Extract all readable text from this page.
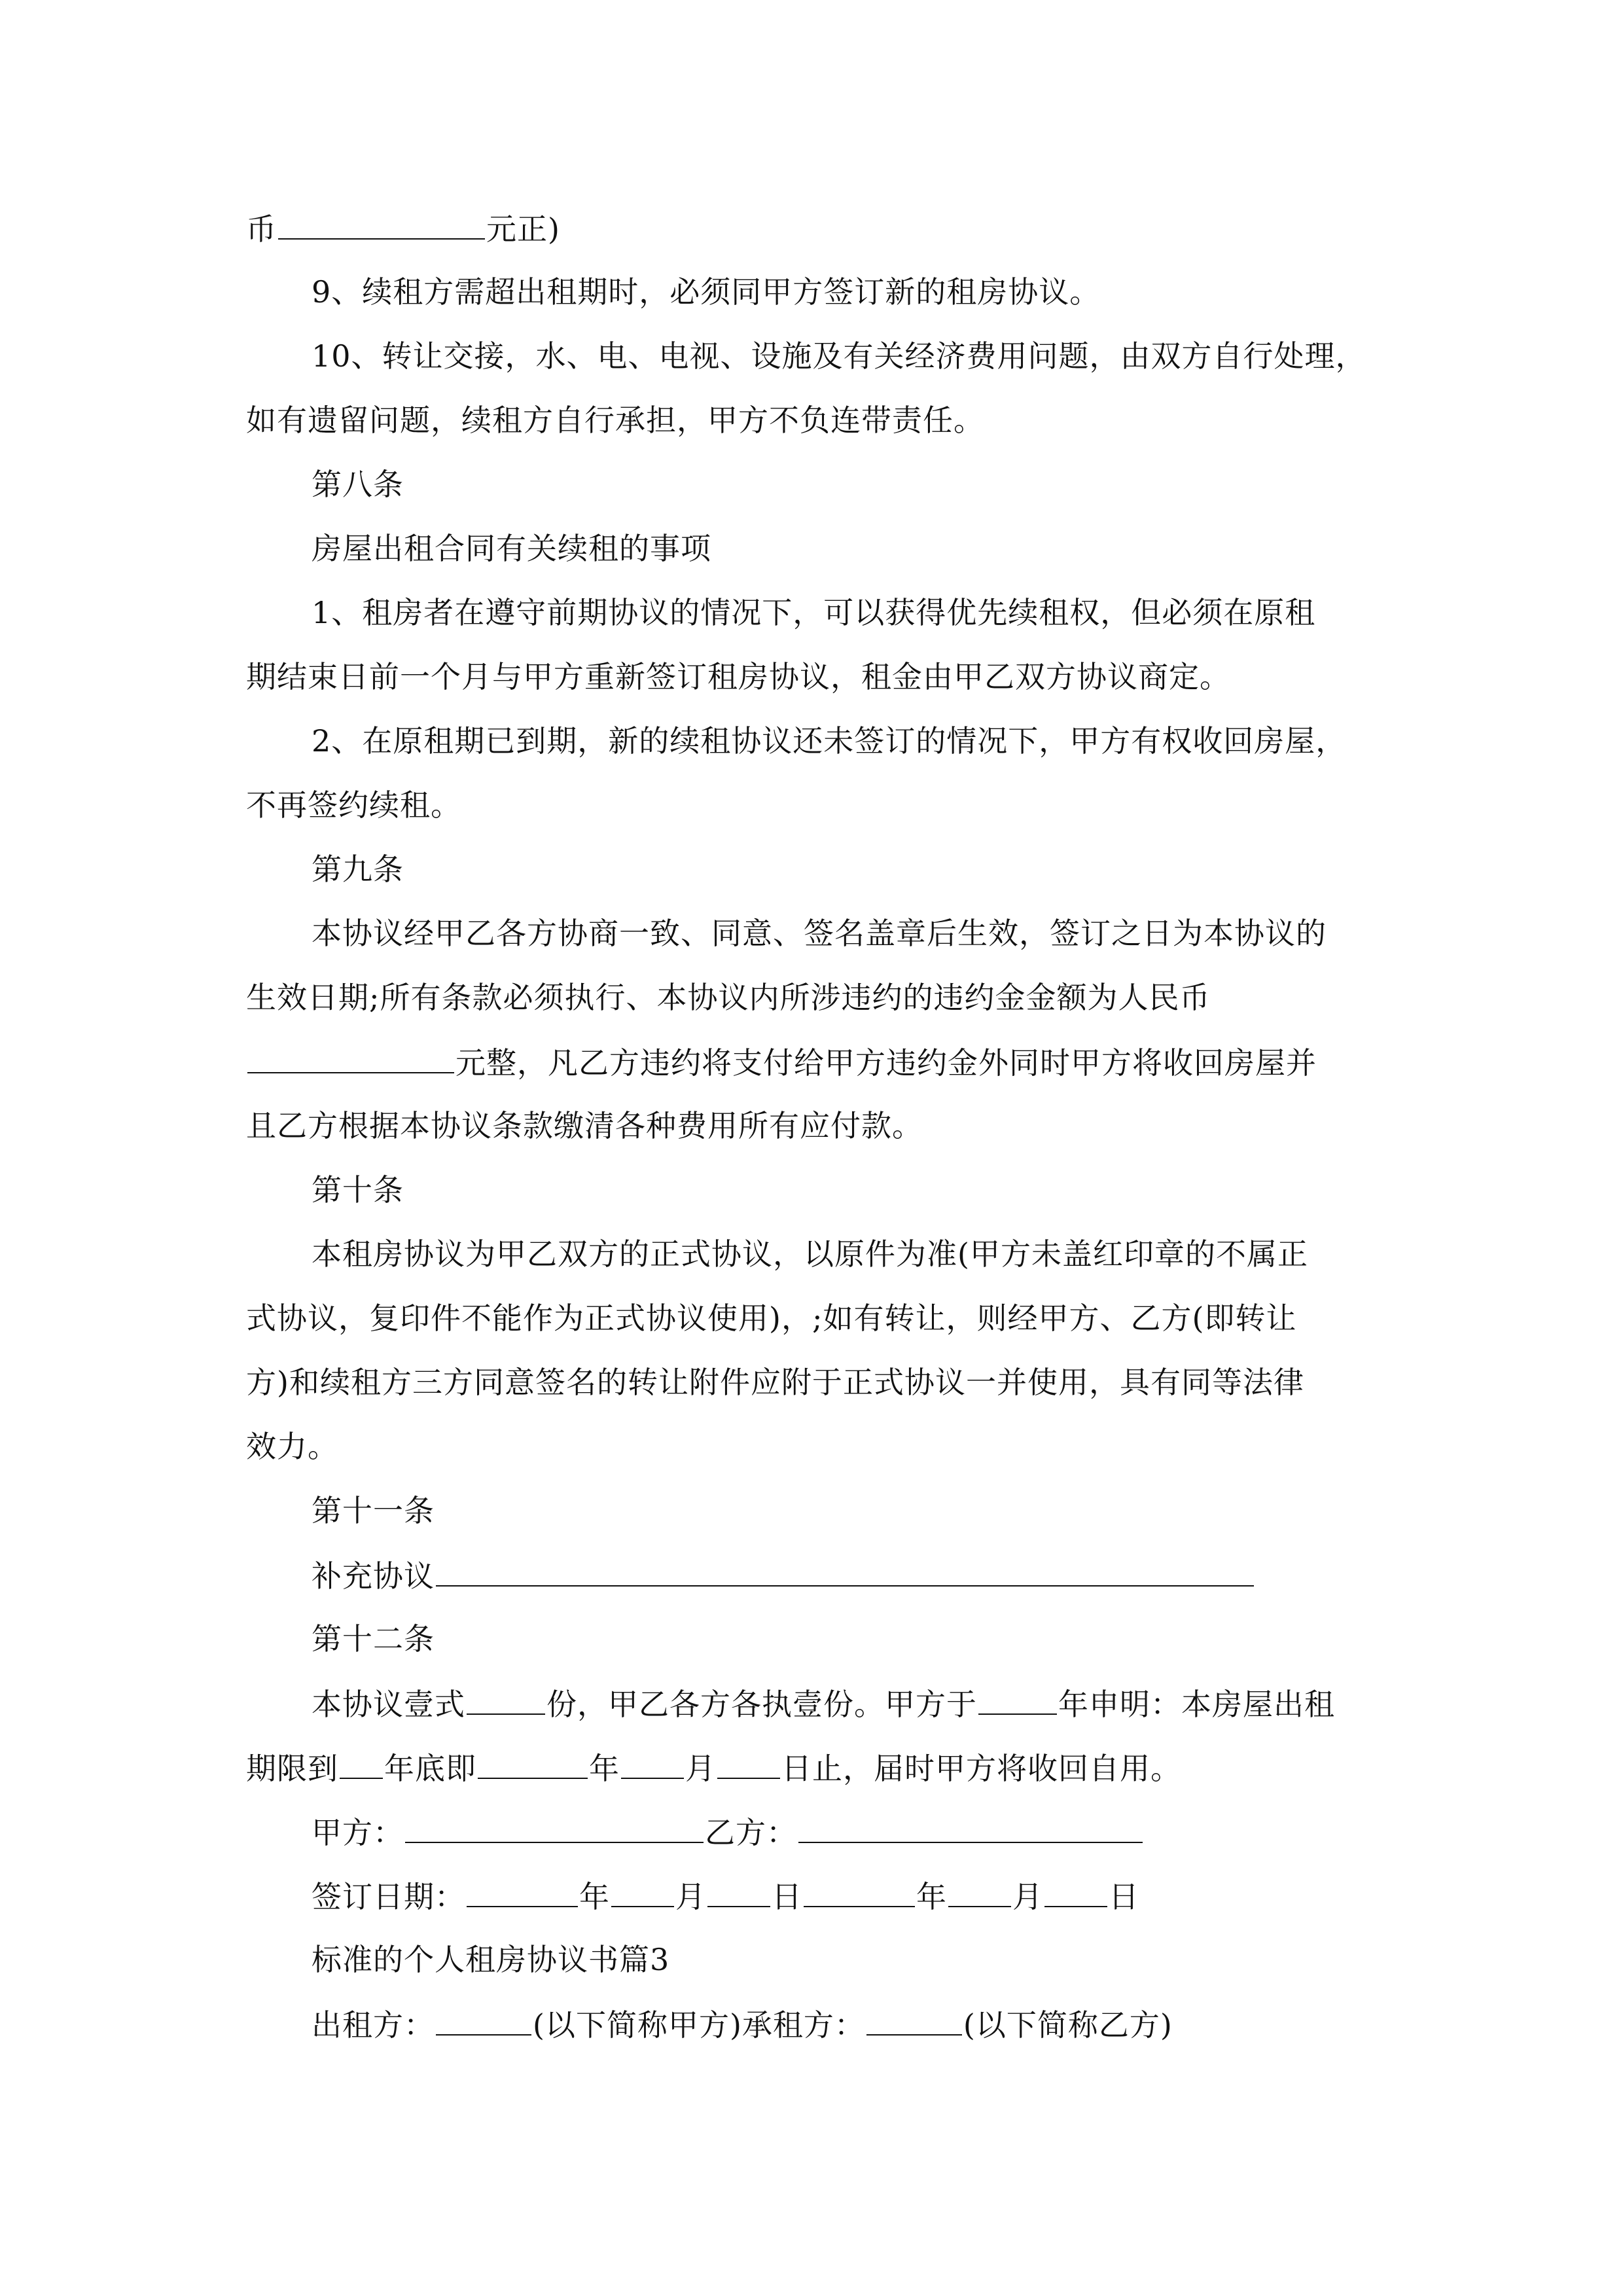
币	元正)
9、续租方需超出租期时，必须同甲方签订新的租房协议。
10、转让交接，水、电、电视、设施及有关经济费用问题，由双方自行处理，
如有遗留问题，续租方自行承担，甲方不负连带责任。
第八条
房屋出租合同有关续租的事项
1、租房者在遵守前期协议的情况下，可以获得优先续租权，但必须在原租
期结束日前一个月与甲方重新签订租房协议，租金由甲乙双方协议商定。
2、在原租期已到期，新的续租协议还未签订的情况下，甲方有权收回房屋，
不再签约续租。
第九条
本协议经甲乙各方协商一致、同意、签名盖章后生效，签订之日为本协议的
生效日期;所有条款必须执行、本协议内所涉违约的违约金金额为人民币
元整，凡乙方违约将支付给甲方违约金外同时甲方将收回房屋并
且乙方根据本协议条款缴清各种费用所有应付款。
第十条
本租房协议为甲乙双方的正式协议，以原件为准(甲方未盖红印章的不属正
式协议，复印件不能作为正式协议使用)，;如有转让，则经甲方、乙方(即转让
方)和续租方三方同意签名的转让附件应附于正式协议一并使用，具有同等法律
效力。
第十一条
补充协议
第十二条
本协议壹式	份，甲乙各方各执壹份。甲方于	年申明：本房屋出租
期限到 年底即	年 月 日止，届时甲方将收回自用。
甲方：	乙方：
签订日期：	年 月 日	年 月 日
标准的个人租房协议书篇3
出租方：	(以下简称甲方)承租方：	(以下简称乙方)
